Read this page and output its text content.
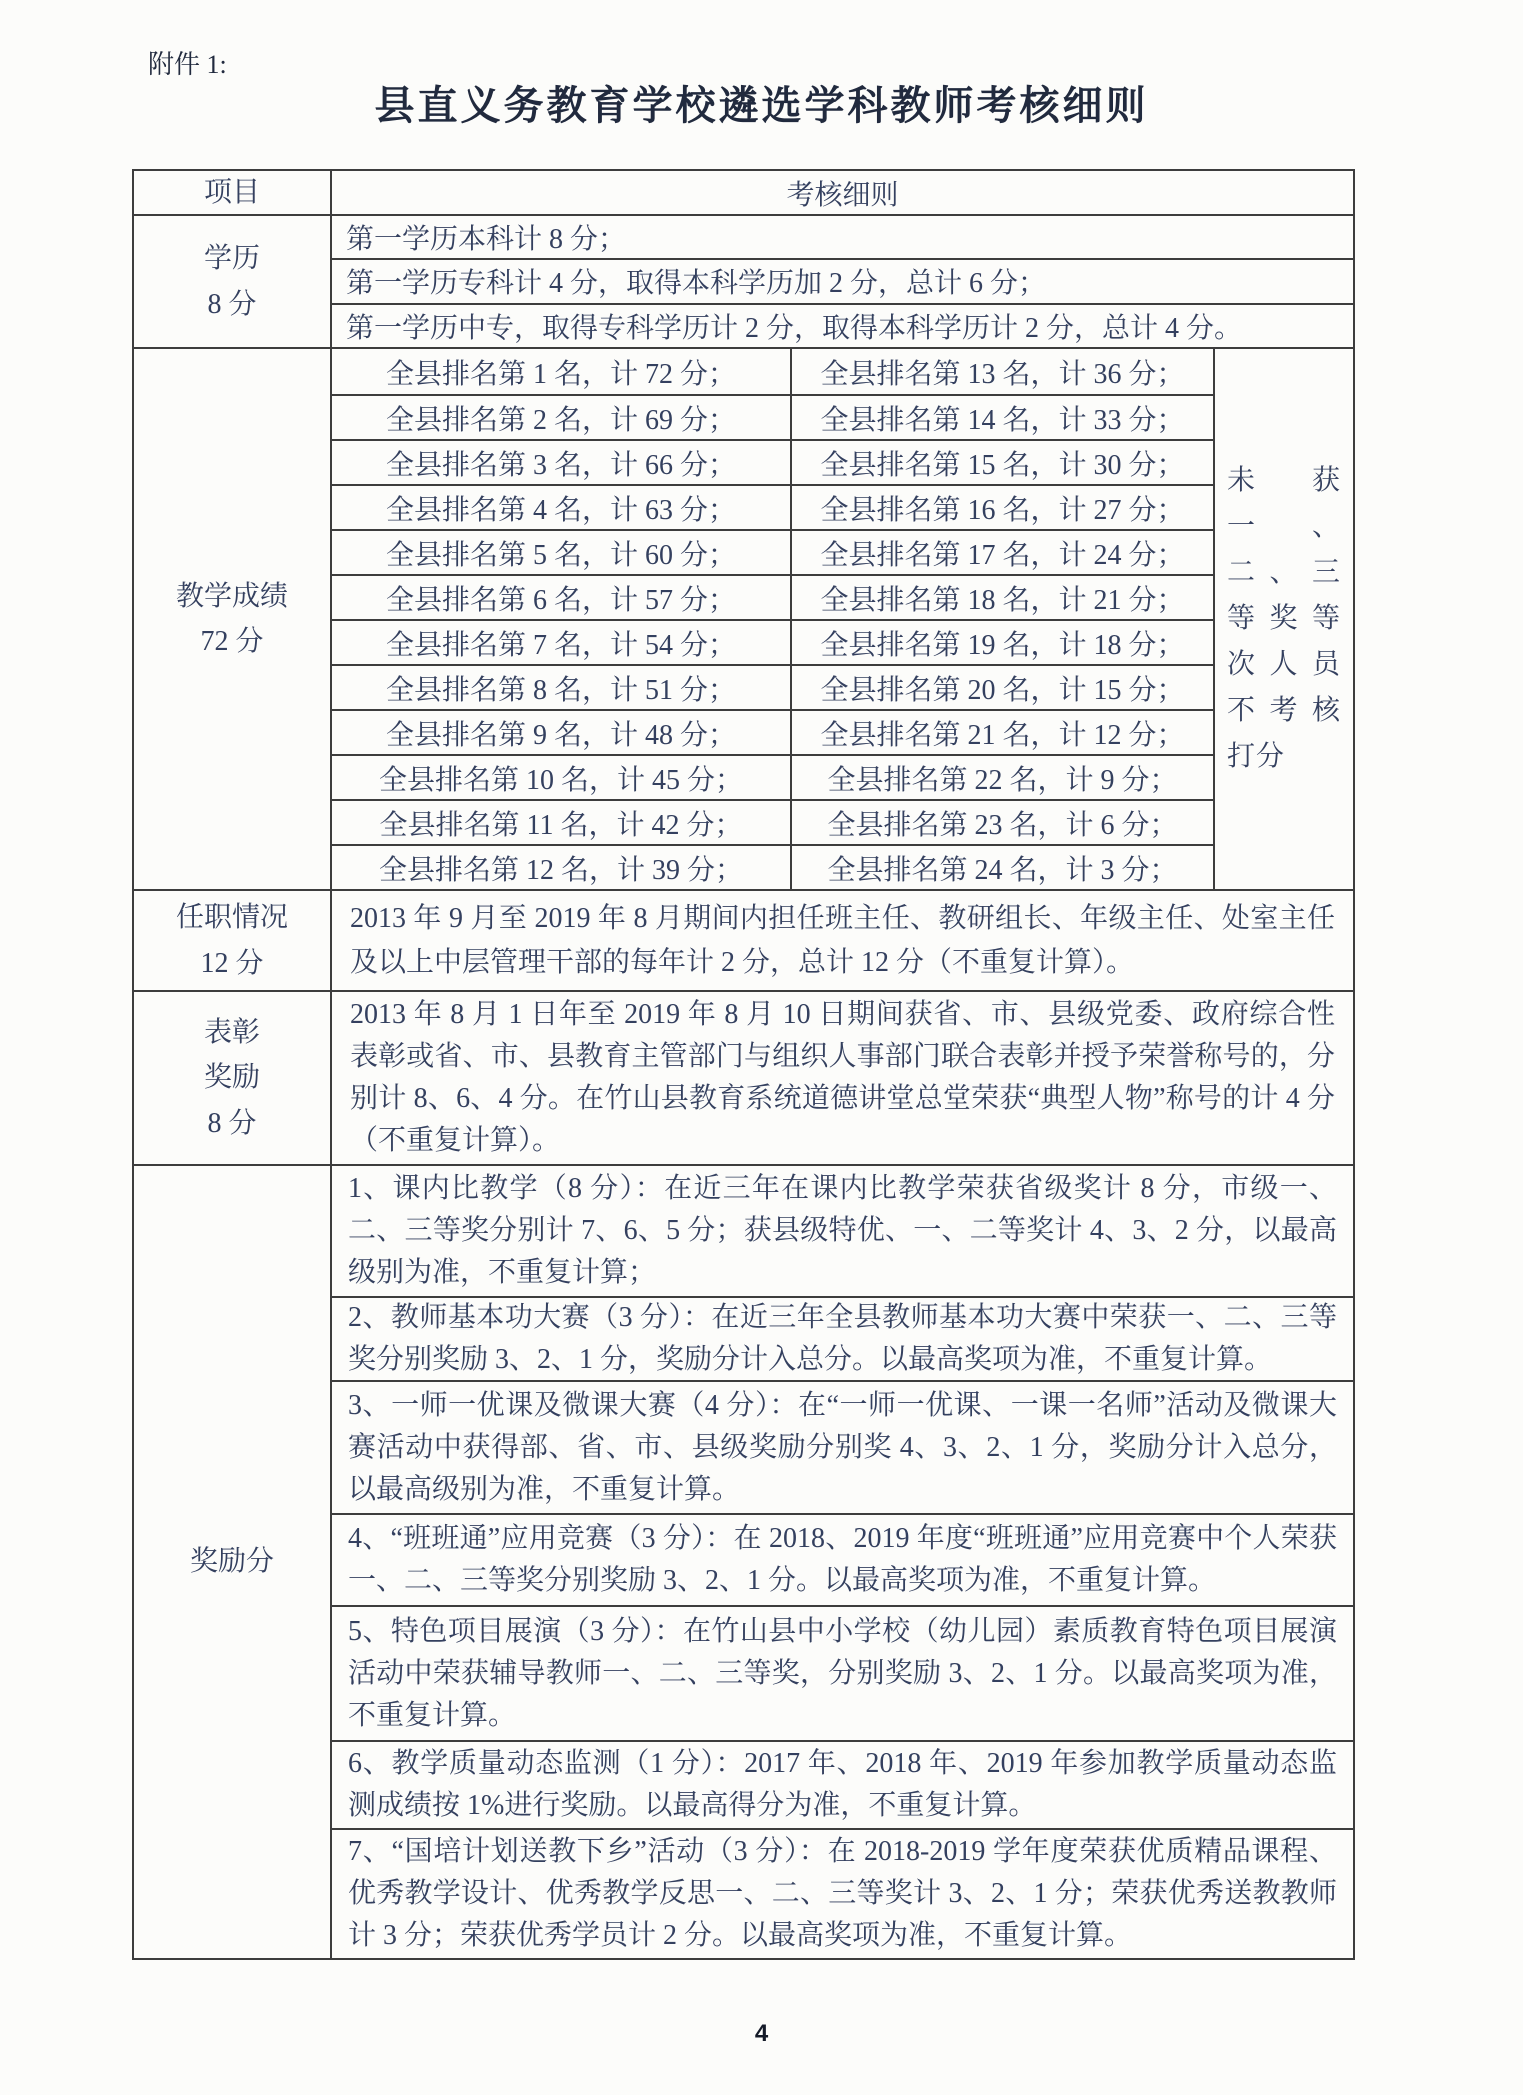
附件 1:
县直义务教育学校遴选学科教师考核细则
项目	考核细则
学历
8 分
第一学历本科计 8 分；
第一学历专科计 4 分，取得本科学历加 2 分，总计 6 分；
第一学历中专，取得专科学历计 2 分，取得本科学历计 2 分，总计 4 分。
教学成绩
72 分
全县排名第 1 名，计 72 分；
全县排名第 2 名，计 69 分；
全县排名第 3 名，计 66 分；
全县排名第 4 名，计 63 分；
全县排名第 5 名，计 60 分；
全县排名第 6 名，计 57 分；
全县排名第 7 名，计 54 分；
全县排名第 8 名，计 51 分；
全县排名第 9 名，计 48 分；
全县排名第 10 名，计 45 分；
全县排名第 11 名，计 42 分；
全县排名第 12 名，计 39 分；
全县排名第 13 名，计 36 分；
全县排名第 14 名，计 33 分；
全县排名第 15 名，计 30 分；
全县排名第 16 名，计 27 分；
全县排名第 17 名，计 24 分；
全县排名第 18 名，计 21 分；
全县排名第 19 名，计 18 分；
全县排名第 20 名，计 15 分；
全县排名第 21 名，计 12 分；
全县排名第 22 名，计 9 分；
全县排名第 23 名，计 6 分；
全县排名第 24 名，计 3 分；
未获一、二、三等奖等次人员不考核打分
任职情况
12 分
2013 年 9 月至 2019 年 8 月期间内担任班主任、教研组长、年级主任、处室主任及以上中层管理干部的每年计 2 分，总计 12 分（不重复计算）。
表彰
奖励
8 分
2013 年 8 月 1 日年至 2019 年 8 月 10 日期间获省、市、县级党委、政府综合性表彰或省、市、县教育主管部门与组织人事部门联合表彰并授予荣誉称号的，分别计 8、6、4 分。在竹山县教育系统道德讲堂总堂荣获“典型人物”称号的计 4 分（不重复计算）。
奖励分
1、课内比教学（8 分）：在近三年在课内比教学荣获省级奖计 8 分，市级一、二、三等奖分别计 7、6、5 分；获县级特优、一、二等奖计 4、3、2 分，以最高级别为准，不重复计算；
2、教师基本功大赛（3 分）：在近三年全县教师基本功大赛中荣获一、二、三等奖分别奖励 3、2、1 分，奖励分计入总分。以最高奖项为准，不重复计算。
3、一师一优课及微课大赛（4 分）：在“一师一优课、一课一名师”活动及微课大赛活动中获得部、省、市、县级奖励分别奖 4、3、2、1 分，奖励分计入总分，以最高级别为准，不重复计算。
4、“班班通”应用竞赛（3 分）：在 2018、2019 年度“班班通”应用竞赛中个人荣获一、二、三等奖分别奖励 3、2、1 分。以最高奖项为准，不重复计算。
5、特色项目展演（3 分）：在竹山县中小学校（幼儿园）素质教育特色项目展演活动中荣获辅导教师一、二、三等奖，分别奖励 3、2、1 分。以最高奖项为准，不重复计算。
6、教学质量动态监测（1 分）：2017 年、2018 年、2019 年参加教学质量动态监测成绩按 1%进行奖励。以最高得分为准，不重复计算。
7、“国培计划送教下乡”活动（3 分）：在 2018-2019 学年度荣获优质精品课程、优秀教学设计、优秀教学反思一、二、三等奖计 3、2、1 分；荣获优秀送教教师计 3 分；荣获优秀学员计 2 分。以最高奖项为准，不重复计算。
4
